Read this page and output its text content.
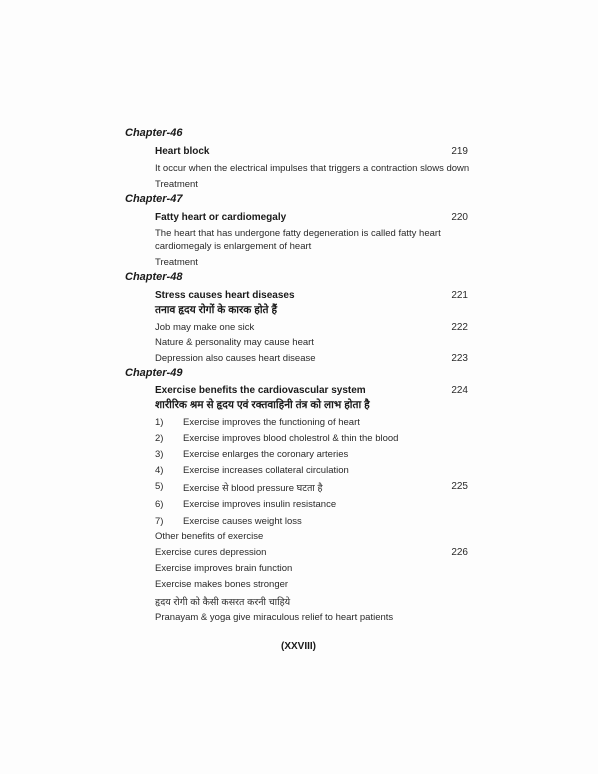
Chapter-46
Heart block	219
It occur when the electrical impulses that triggers a contraction slows down
Treatment
Chapter-47
Fatty heart or cardiomegaly	220
The heart that has undergone fatty degeneration is called fatty heart
cardiomegaly is enlargement of heart
Treatment
Chapter-48
Stress causes heart diseases	221
तनाव हृदय रोगों के कारक होते हैं
Job may make one sick	222
Nature & personality may cause heart
Depression also causes heart disease	223
Chapter-49
Exercise benefits the cardiovascular system	224
शारीरिक श्रम से हृदय एवं रक्तवाहिनी तंत्र को लाभ होता है
1) Exercise improves the functioning of heart
2) Exercise improves blood cholestrol & thin the blood
3) Exercise enlarges the coronary arteries
4) Exercise increases collateral circulation
5) Exercise से blood pressure घटता है	225
6) Exercise improves insulin resistance
7) Exercise causes weight loss
Other benefits of exercise
Exercise cures depression	226
Exercise improves brain function
Exercise makes bones stronger
हृदय रोगी को कैसी कसरत करनी चाहिये
Pranayam & yoga give miraculous relief to heart patients
(XXVIII)
